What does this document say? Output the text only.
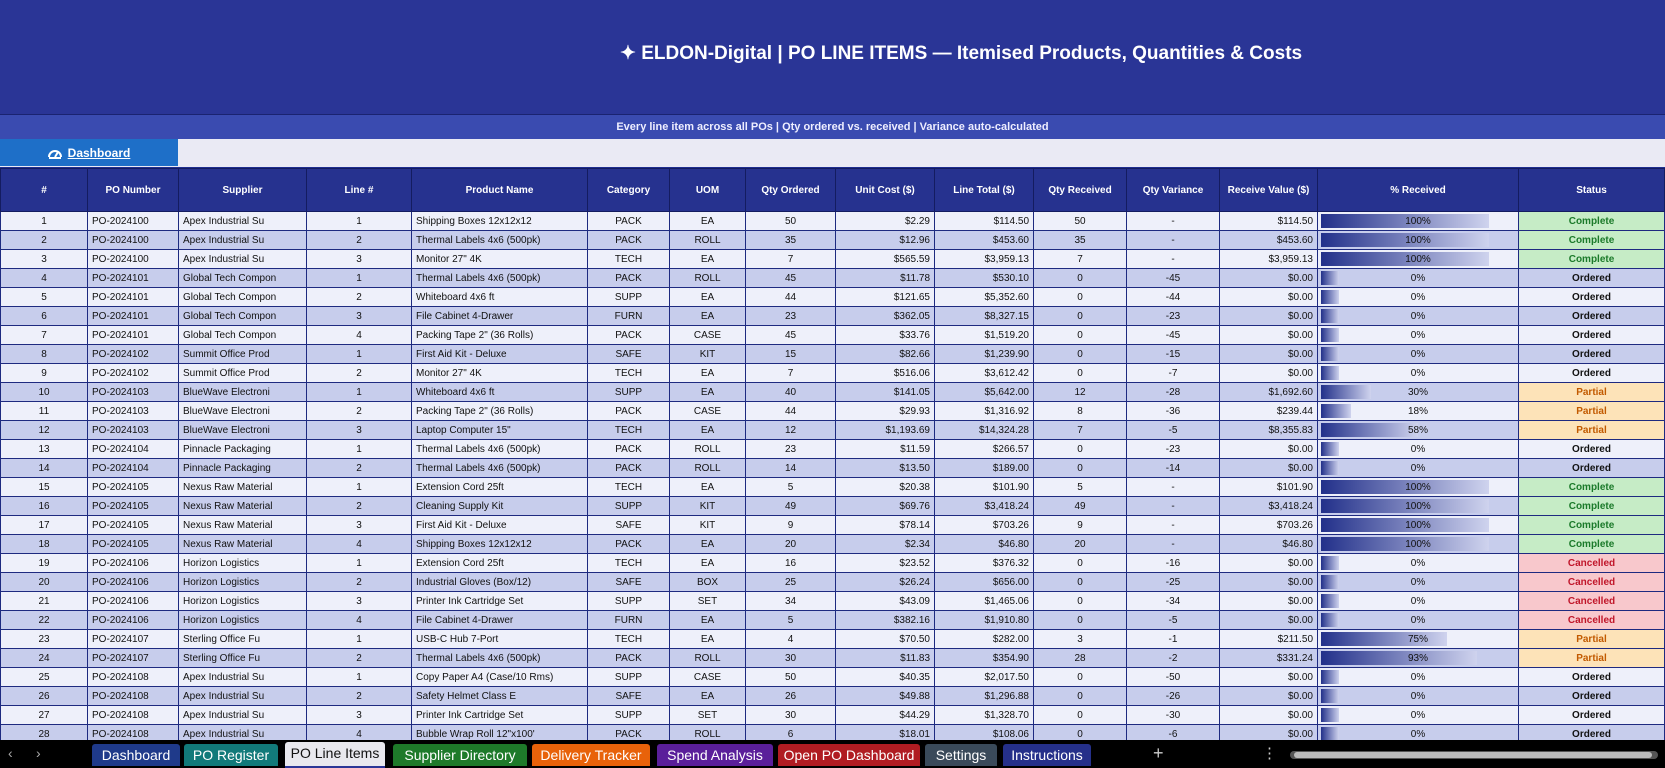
✦ ELDON-Digital | PO LINE ITEMS — Itemised Products, Quantities & Costs
Every line item across all POs | Qty ordered vs. received | Variance auto-calculated
Dashboard
#	PO Number	Supplier	Line #	Product Name	Category	UOM	Qty Ordered	Unit Cost ($)	Line Total ($)	Qty Received	Qty Variance	Receive Value ($)	% Received	Status
1	PO-2024100	Apex Industrial Su	1	Shipping Boxes 12x12x12	PACK	EA	50	$2.29	$114.50	50	-	$114.50	100%	Complete
2	PO-2024100	Apex Industrial Su	2	Thermal Labels 4x6 (500pk)	PACK	ROLL	35	$12.96	$453.60	35	-	$453.60	100%	Complete
3	PO-2024100	Apex Industrial Su	3	Monitor 27" 4K	TECH	EA	7	$565.59	$3,959.13	7	-	$3,959.13	100%	Complete
4	PO-2024101	Global Tech Compon	1	Thermal Labels 4x6 (500pk)	PACK	ROLL	45	$11.78	$530.10	0	-45	$0.00	0%	Ordered
5	PO-2024101	Global Tech Compon	2	Whiteboard 4x6 ft	SUPP	EA	44	$121.65	$5,352.60	0	-44	$0.00	0%	Ordered
6	PO-2024101	Global Tech Compon	3	File Cabinet 4-Drawer	FURN	EA	23	$362.05	$8,327.15	0	-23	$0.00	0%	Ordered
7	PO-2024101	Global Tech Compon	4	Packing Tape 2" (36 Rolls)	PACK	CASE	45	$33.76	$1,519.20	0	-45	$0.00	0%	Ordered
8	PO-2024102	Summit Office Prod	1	First Aid Kit - Deluxe	SAFE	KIT	15	$82.66	$1,239.90	0	-15	$0.00	0%	Ordered
9	PO-2024102	Summit Office Prod	2	Monitor 27" 4K	TECH	EA	7	$516.06	$3,612.42	0	-7	$0.00	0%	Ordered
10	PO-2024103	BlueWave Electroni	1	Whiteboard 4x6 ft	SUPP	EA	40	$141.05	$5,642.00	12	-28	$1,692.60	30%	Partial
11	PO-2024103	BlueWave Electroni	2	Packing Tape 2" (36 Rolls)	PACK	CASE	44	$29.93	$1,316.92	8	-36	$239.44	18%	Partial
12	PO-2024103	BlueWave Electroni	3	Laptop Computer 15"	TECH	EA	12	$1,193.69	$14,324.28	7	-5	$8,355.83	58%	Partial
13	PO-2024104	Pinnacle Packaging	1	Thermal Labels 4x6 (500pk)	PACK	ROLL	23	$11.59	$266.57	0	-23	$0.00	0%	Ordered
14	PO-2024104	Pinnacle Packaging	2	Thermal Labels 4x6 (500pk)	PACK	ROLL	14	$13.50	$189.00	0	-14	$0.00	0%	Ordered
15	PO-2024105	Nexus Raw Material	1	Extension Cord 25ft	TECH	EA	5	$20.38	$101.90	5	-	$101.90	100%	Complete
16	PO-2024105	Nexus Raw Material	2	Cleaning Supply Kit	SUPP	KIT	49	$69.76	$3,418.24	49	-	$3,418.24	100%	Complete
17	PO-2024105	Nexus Raw Material	3	First Aid Kit - Deluxe	SAFE	KIT	9	$78.14	$703.26	9	-	$703.26	100%	Complete
18	PO-2024105	Nexus Raw Material	4	Shipping Boxes 12x12x12	PACK	EA	20	$2.34	$46.80	20	-	$46.80	100%	Complete
19	PO-2024106	Horizon Logistics	1	Extension Cord 25ft	TECH	EA	16	$23.52	$376.32	0	-16	$0.00	0%	Cancelled
20	PO-2024106	Horizon Logistics	2	Industrial Gloves (Box/12)	SAFE	BOX	25	$26.24	$656.00	0	-25	$0.00	0%	Cancelled
21	PO-2024106	Horizon Logistics	3	Printer Ink Cartridge Set	SUPP	SET	34	$43.09	$1,465.06	0	-34	$0.00	0%	Cancelled
22	PO-2024106	Horizon Logistics	4	File Cabinet 4-Drawer	FURN	EA	5	$382.16	$1,910.80	0	-5	$0.00	0%	Cancelled
23	PO-2024107	Sterling Office Fu	1	USB-C Hub 7-Port	TECH	EA	4	$70.50	$282.00	3	-1	$211.50	75%	Partial
24	PO-2024107	Sterling Office Fu	2	Thermal Labels 4x6 (500pk)	PACK	ROLL	30	$11.83	$354.90	28	-2	$331.24	93%	Partial
25	PO-2024108	Apex Industrial Su	1	Copy Paper A4 (Case/10 Rms)	SUPP	CASE	50	$40.35	$2,017.50	0	-50	$0.00	0%	Ordered
26	PO-2024108	Apex Industrial Su	2	Safety Helmet Class E	SAFE	EA	26	$49.88	$1,296.88	0	-26	$0.00	0%	Ordered
27	PO-2024108	Apex Industrial Su	3	Printer Ink Cartridge Set	SUPP	SET	30	$44.29	$1,328.70	0	-30	$0.00	0%	Ordered
28	PO-2024108	Apex Industrial Su	4	Bubble Wrap Roll 12"x100'	PACK	ROLL	6	$18.01	$108.06	0	-6	$0.00	0%	Ordered
‹ ›	Dashboard	PO Register	PO Line Items	Supplier Directory	Delivery Tracker	Spend Analysis	Open PO Dashboard	Settings	Instructions	+	⋮
